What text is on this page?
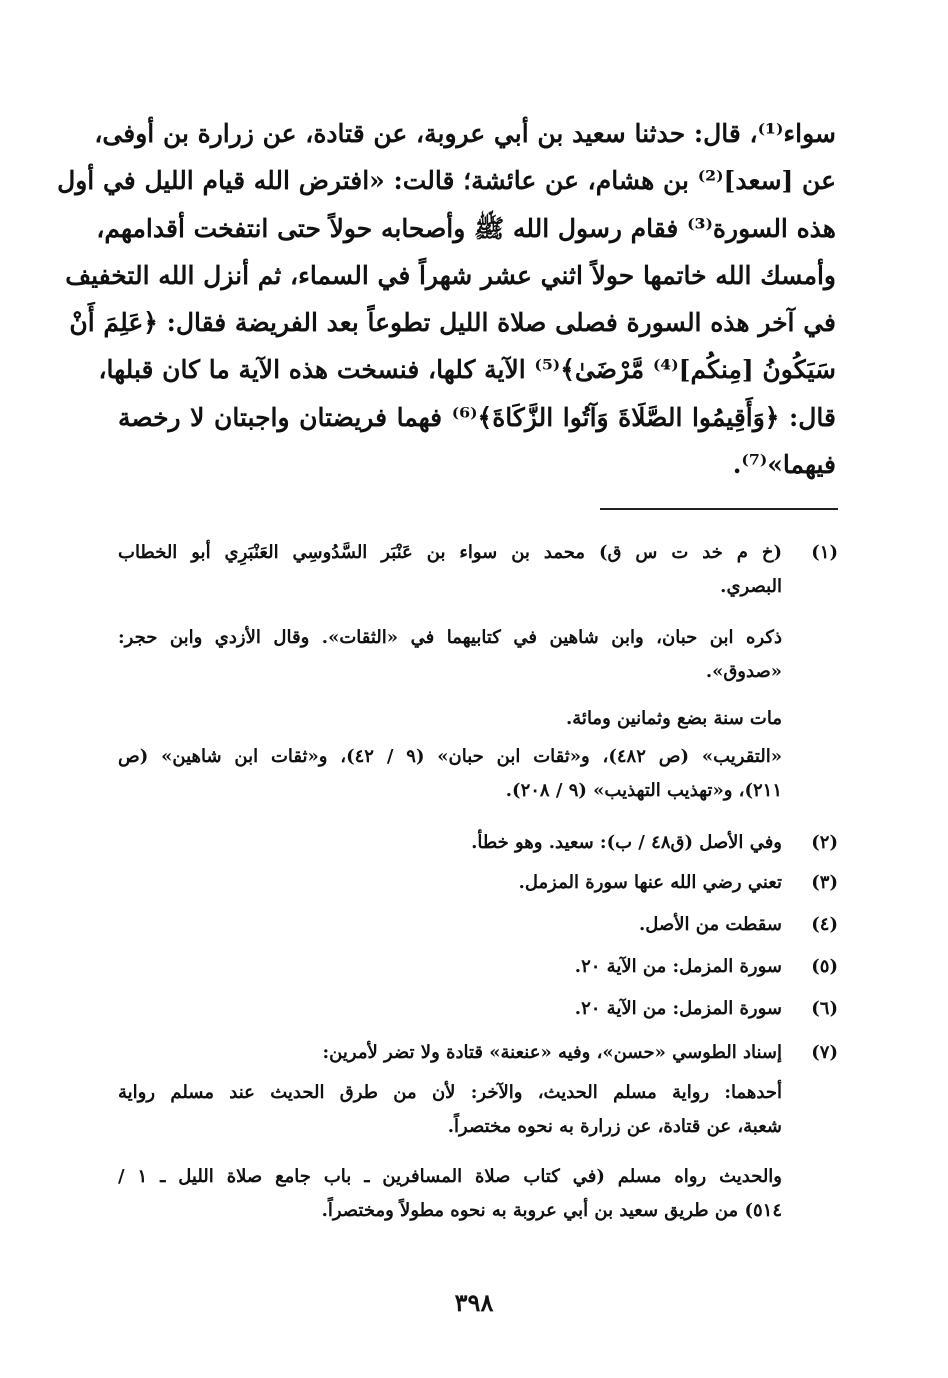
سواء⁽¹⁾، قال: حدثنا سعيد بن أبي عروبة، عن قتادة، عن زرارة بن أوفى،
عن [سعد]⁽²⁾ بن هشام، عن عائشة؛ قالت: «افترض الله قيام الليل في أول
هذه السورة⁽³⁾ فقام رسول الله ﷺ وأصحابه حولاً حتى انتفخت أقدامهم،
وأمسك الله خاتمها حولاً اثني عشر شهراً في السماء، ثم أنزل الله التخفيف
في آخر هذه السورة فصلى صلاة الليل تطوعاً بعد الفريضة فقال: ﴿عَلِمَ أَنْ
سَيَكُونُ [مِنكُم]⁽⁴⁾ مَّرْضَىٰ﴾⁽⁵⁾ الآية كلها، فنسخت هذه الآية ما كان قبلها،
قال: ﴿وَأَقِيمُوا الصَّلَاةَ وَآتُوا الزَّكَاةَ﴾⁽⁶⁾ فهما فريضتان واجبتان لا رخصة
فيهما»⁽⁷⁾.
(١)
(خ م خد ت س ق) محمد بن سواء بن عَنْبَر السَّدُوسِي العَنْبَرِي أبو الخطاب
البصري.
ذكره ابن حبان، وابن شاهين في كتابيهما في «الثقات». وقال الأزدي وابن حجر:
«صدوق».
مات سنة بضع وثمانين ومائة.
«التقريب» (ص ٤٨٢)، و«ثقات ابن حبان» (٩ / ٤٢)، و«ثقات ابن شاهين» (ص
٢١١)، و«تهذيب التهذيب» (٩ / ٢٠٨).
(٢)
وفي الأصل (ق٤٨ / ب): سعيد. وهو خطأ.
(٣)
تعني رضي الله عنها سورة المزمل.
(٤)
سقطت من الأصل.
(٥)
سورة المزمل: من الآية ٢٠.
(٦)
سورة المزمل: من الآية ٢٠.
(٧)
إسناد الطوسي «حسن»، وفيه «عنعنة» قتادة ولا تضر لأمرين:
أحدهما: رواية مسلم الحديث، والآخر: لأن من طرق الحديث عند مسلم رواية
شعبة، عن قتادة، عن زرارة به نحوه مختصراً.
والحديث رواه مسلم (في كتاب صلاة المسافرين ـ باب جامع صلاة الليل ـ ١ /
٥١٤) من طريق سعيد بن أبي عروبة به نحوه مطولاً ومختصراً.
٣٩٨
